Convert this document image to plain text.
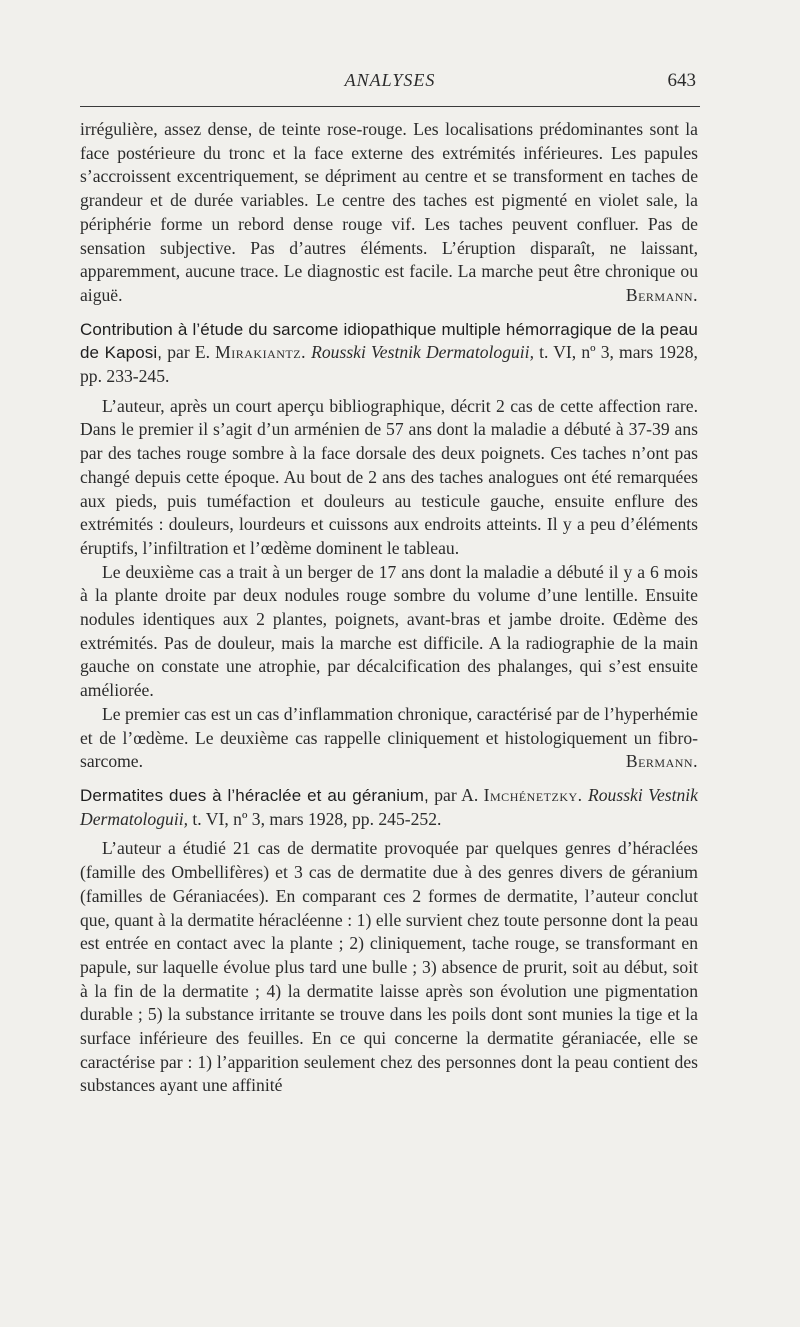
ANALYSES	643

irrégulière, assez dense, de teinte rose-rouge. Les localisations prédominantes sont la face postérieure du tronc et la face externe des extrémités inférieures. Les papules s’accroissent excentriquement, se dépriment au centre et se transforment en taches de grandeur et de durée variables. Le centre des taches est pigmenté en violet sale, la périphérie forme un rebord dense rouge vif. Les taches peuvent confluer. Pas de sensation subjective. Pas d’autres éléments. L’éruption disparaît, ne laissant, apparemment, aucune trace. Le diagnostic est facile. La marche peut être chronique ou aiguë.	Bermann.

Contribution à l’étude du sarcome idiopathique multiple hémorragique de la peau de Kaposi, par E. Mirakiantz. Rousski Vestnik Dermatologuii, t. VI, nº 3, mars 1928, pp. 233-245.

L’auteur, après un court aperçu bibliographique, décrit 2 cas de cette affection rare. Dans le premier il s’agit d’un arménien de 57 ans dont la maladie a débuté à 37-39 ans par des taches rouge sombre à la face dorsale des deux poignets. Ces taches n’ont pas changé depuis cette époque. Au bout de 2 ans des taches analogues ont été remarquées aux pieds, puis tuméfaction et douleurs au testicule gauche, ensuite enflure des extrémités : douleurs, lourdeurs et cuissons aux endroits atteints. Il y a peu d’éléments éruptifs, l’infiltration et l’œdème dominent le tableau.

Le deuxième cas a trait à un berger de 17 ans dont la maladie a débuté il y a 6 mois à la plante droite par deux nodules rouge sombre du volume d’une lentille. Ensuite nodules identiques aux 2 plantes, poignets, avant-bras et jambe droite. Œdème des extrémités. Pas de douleur, mais la marche est difficile. A la radiographie de la main gauche on constate une atrophie, par décalcification des phalanges, qui s’est ensuite améliorée.

Le premier cas est un cas d’inflammation chronique, caractérisé par de l’hyperhémie et de l’œdème. Le deuxième cas rappelle cliniquement et histologiquement un fibro-sarcome.	Bermann.

Dermatites dues à l’héraclée et au géranium, par A. Imchénetzky. Rousski Vestnik Dermatologuii, t. VI, nº 3, mars 1928, pp. 245-252.

L’auteur a étudié 21 cas de dermatite provoquée par quelques genres d’héraclées (famille des Ombellifères) et 3 cas de dermatite due à des genres divers de géranium (familles de Géraniacées). En comparant ces 2 formes de dermatite, l’auteur conclut que, quant à la dermatite héracléenne : 1) elle survient chez toute personne dont la peau est entrée en contact avec la plante ; 2) cliniquement, tache rouge, se transformant en papule, sur laquelle évolue plus tard une bulle ; 3) absence de prurit, soit au début, soit à la fin de la dermatite ; 4) la dermatite laisse après son évolution une pigmentation durable ; 5) la substance irritante se trouve dans les poils dont sont munies la tige et la surface inférieure des feuilles. En ce qui concerne la dermatite géraniacée, elle se caractérise par : 1) l’apparition seulement chez des personnes dont la peau contient des substances ayant une affinité
